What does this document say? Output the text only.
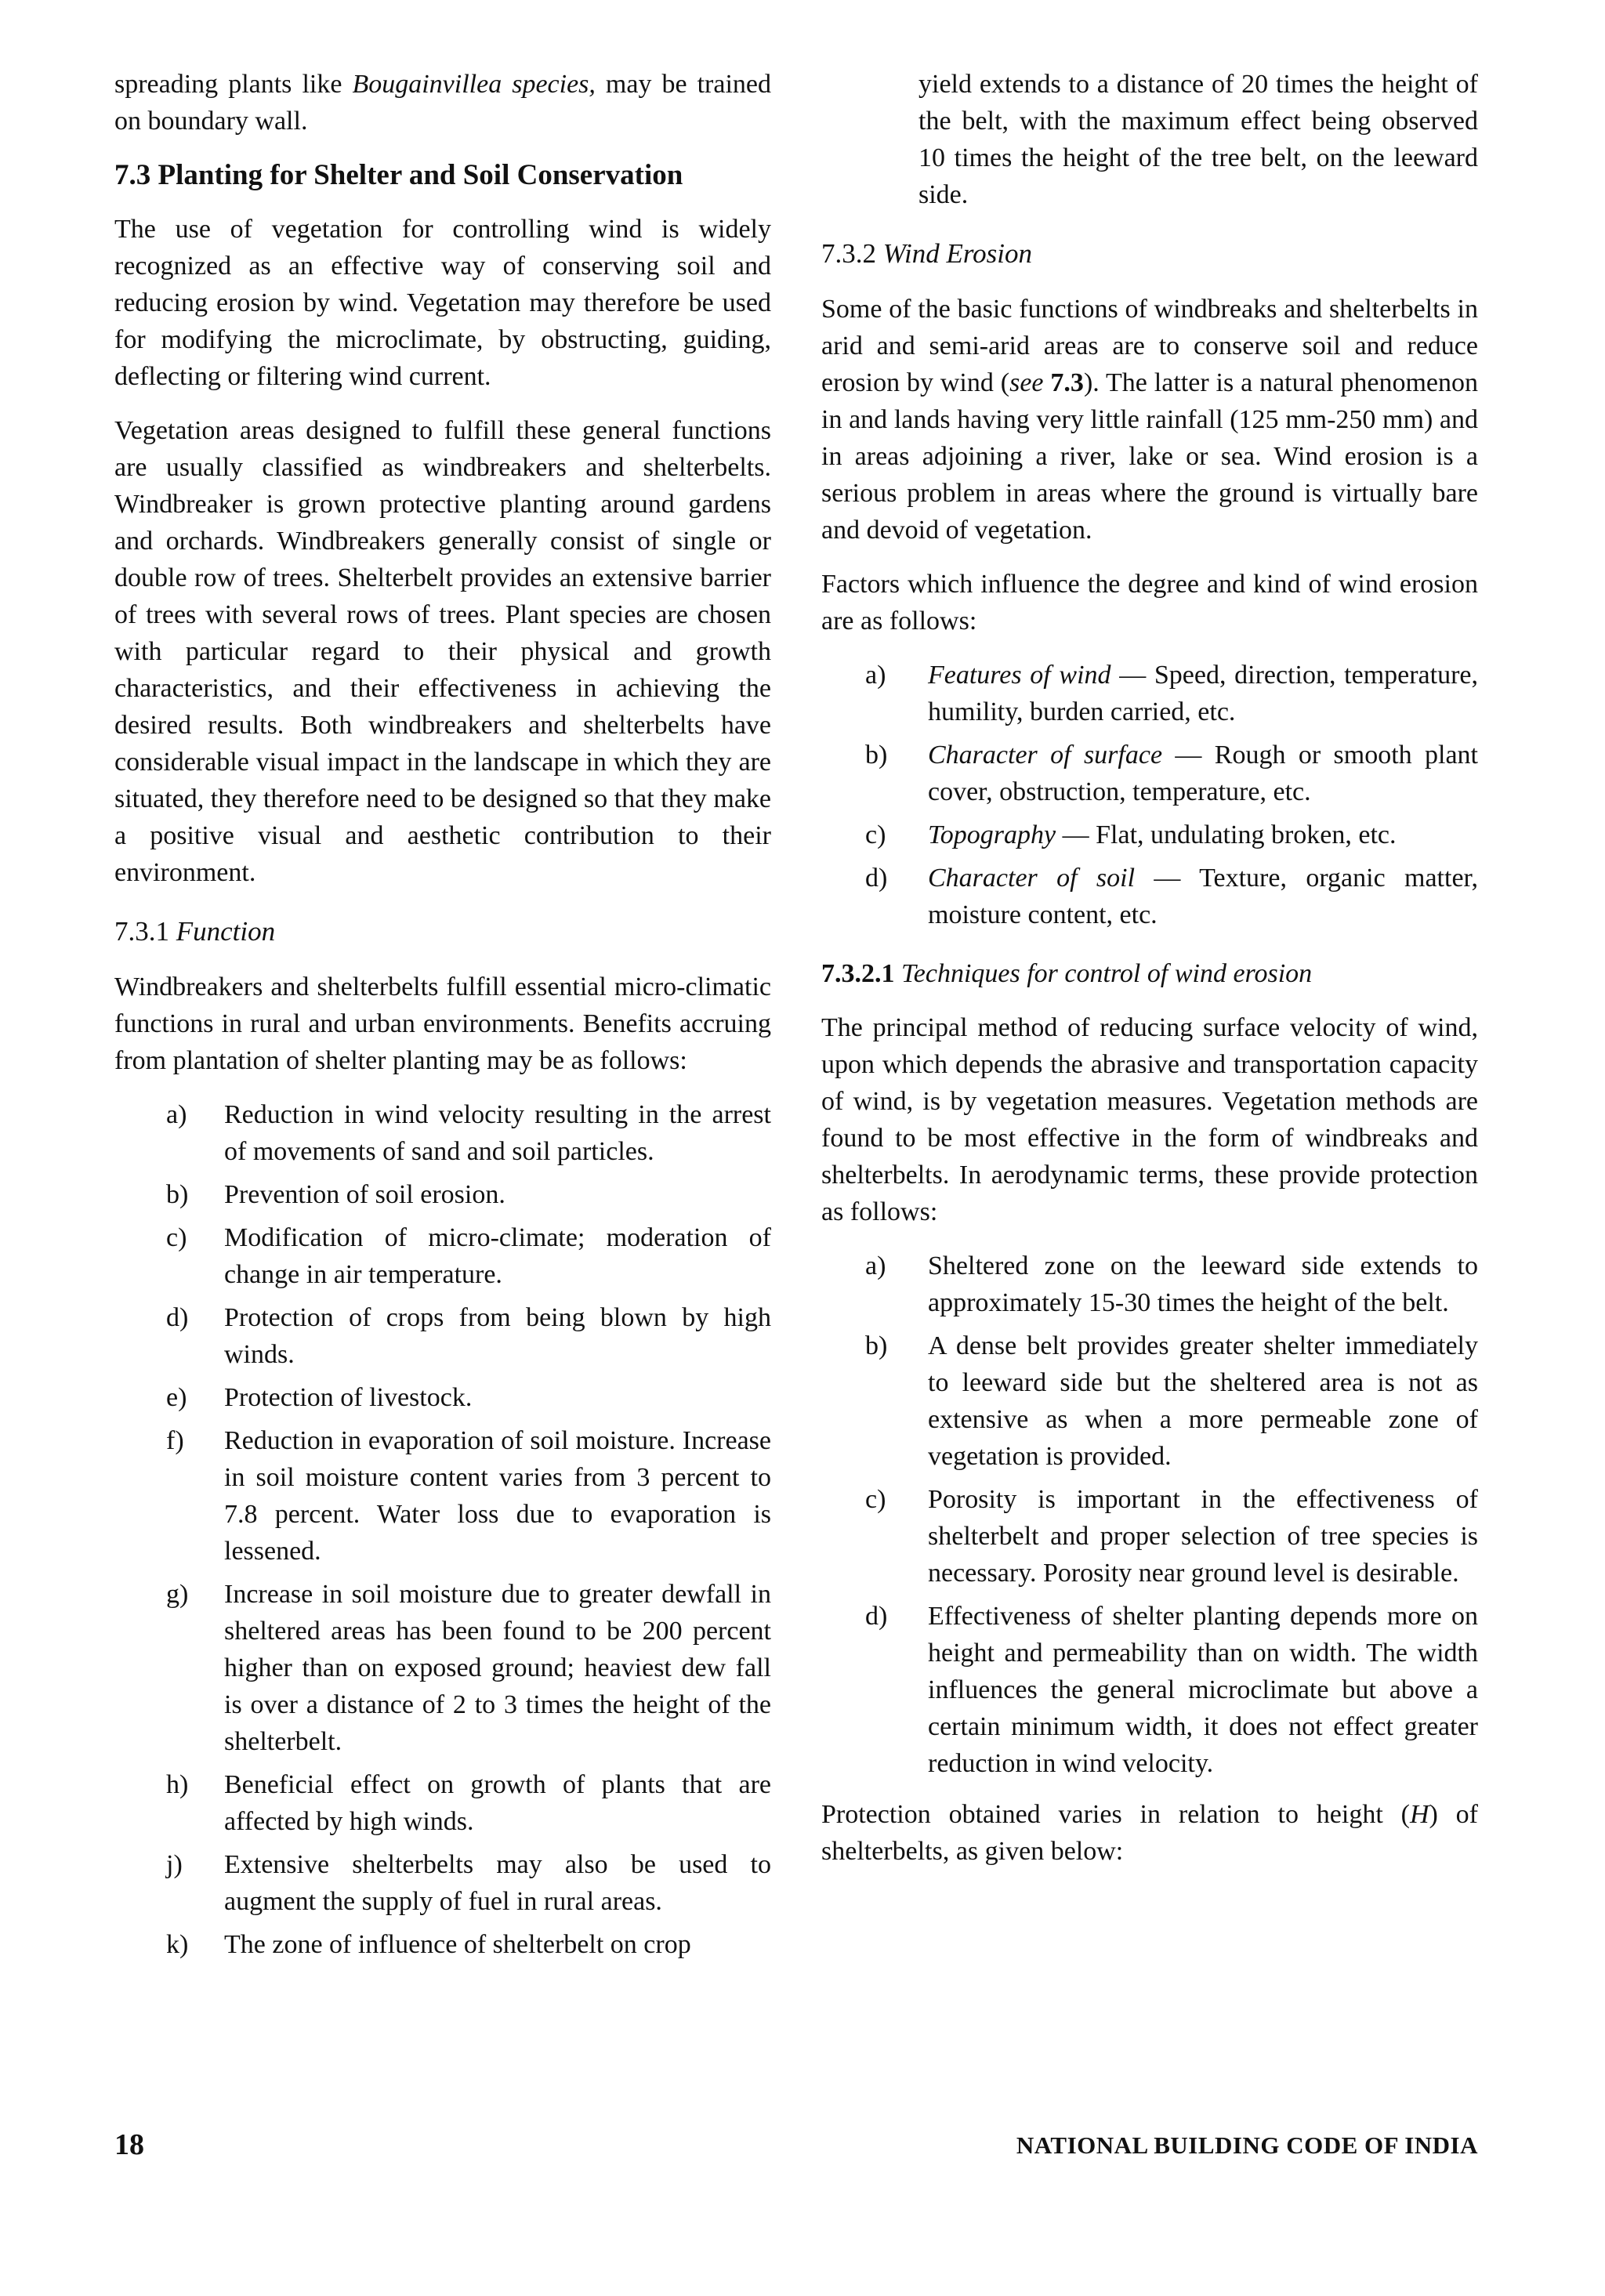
spreading plants like Bougainvillea species, may be trained on boundary wall.

7.3 Planting for Shelter and Soil Conservation

The use of vegetation for controlling wind is widely recognized as an effective way of conserving soil and reducing erosion by wind. Vegetation may therefore be used for modifying the microclimate, by obstructing, guiding, deflecting or filtering wind current.

Vegetation areas designed to fulfill these general functions are usually classified as windbreakers and shelterbelts. Windbreaker is grown protective planting around gardens and orchards. Windbreakers generally consist of single or double row of trees. Shelterbelt provides an extensive barrier of trees with several rows of trees. Plant species are chosen with particular regard to their physical and growth characteristics, and their effectiveness in achieving the desired results. Both windbreakers and shelterbelts have considerable visual impact in the landscape in which they are situated, they therefore need to be designed so that they make a positive visual and aesthetic contribution to their environment.

7.3.1 Function

Windbreakers and shelterbelts fulfill essential micro-climatic functions in rural and urban environments. Benefits accruing from plantation of shelter planting may be as follows:

a)	Reduction in wind velocity resulting in the arrest of movements of sand and soil particles.
b)	Prevention of soil erosion.
c)	Modification of micro-climate; moderation of change in air temperature.
d)	Protection of crops from being blown by high winds.
e)	Protection of livestock.
f)	Reduction in evaporation of soil moisture. Increase in soil moisture content varies from 3 percent to 7.8 percent. Water loss due to evaporation is lessened.
g)	Increase in soil moisture due to greater dewfall in sheltered areas has been found to be 200 percent higher than on exposed ground; heaviest dew fall is over a distance of 2 to 3 times the height of the shelterbelt.
h)	Beneficial effect on growth of plants that are affected by high winds.
j)	Extensive shelterbelts may also be used to augment the supply of fuel in rural areas.
k)	The zone of influence of shelterbelt on crop

yield extends to a distance of 20 times the height of the belt, with the maximum effect being observed 10 times the height of the tree belt, on the leeward side.

7.3.2 Wind Erosion

Some of the basic functions of windbreaks and shelterbelts in arid and semi-arid areas are to conserve soil and reduce erosion by wind (see 7.3). The latter is a natural phenomenon in and lands having very little rainfall (125 mm-250 mm) and in areas adjoining a river, lake or sea. Wind erosion is a serious problem in areas where the ground is virtually bare and devoid of vegetation.

Factors which influence the degree and kind of wind erosion are as follows:

a)	Features of wind — Speed, direction, temperature, humility, burden carried, etc.
b)	Character of surface — Rough or smooth plant cover, obstruction, temperature, etc.
c)	Topography — Flat, undulating broken, etc.
d)	Character of soil — Texture, organic matter, moisture content, etc.
7.3.2.1 Techniques for control of wind erosion

The principal method of reducing surface velocity of wind, upon which depends the abrasive and transportation capacity of wind, is by vegetation measures. Vegetation methods are found to be most effective in the form of windbreaks and shelterbelts. In aerodynamic terms, these provide protection as follows:

a)	Sheltered zone on the leeward side extends to approximately 15-30 times the height of the belt.
b)	A dense belt provides greater shelter immediately to leeward side but the sheltered area is not as extensive as when a more permeable zone of vegetation is provided.
c)	Porosity is important in the effectiveness of shelterbelt and proper selection of tree species is necessary. Porosity near ground level is desirable.
d)	Effectiveness of shelter planting depends more on height and permeability than on width. The width influences the general microclimate but above a certain minimum width, it does not effect greater reduction in wind velocity.

Protection obtained varies in relation to height (H) of shelterbelts, as given below:

18	NATIONAL BUILDING CODE OF INDIA
